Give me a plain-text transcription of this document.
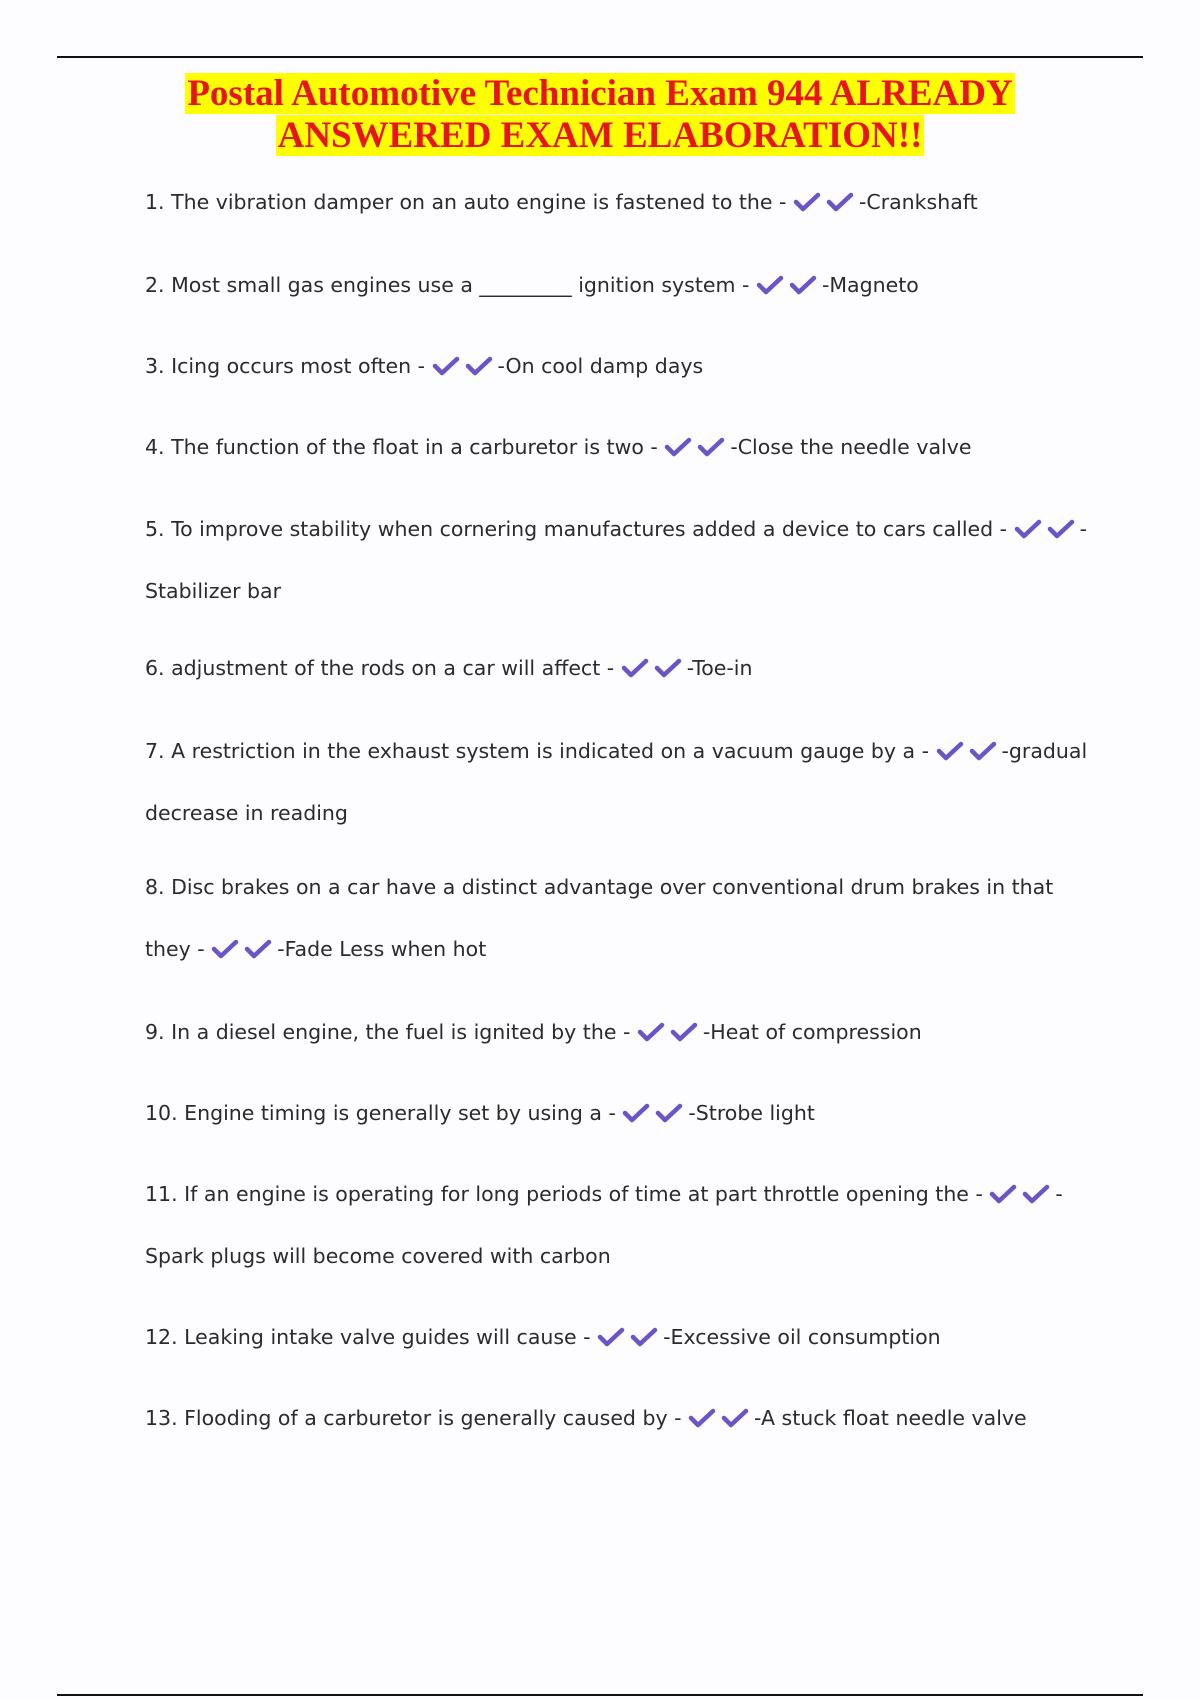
Postal Automotive Technician Exam 944 ALREADY
ANSWERED EXAM ELABORATION!!
1. The vibration damper on an auto engine is fastened to the -	-Crankshaft
2. Most small gas engines use a _________ ignition system -	-Magneto
3. Icing occurs most often -	-On cool damp days
4. The function of the float in a carburetor is two -	-Close the needle valve
5. To improve stability when cornering manufactures added a device to cars called -	-
Stabilizer bar
6. adjustment of the rods on a car will affect -	-Toe-in
7. A restriction in the exhaust system is indicated on a vacuum gauge by a -	-gradual
decrease in reading
8. Disc brakes on a car have a distinct advantage over conventional drum brakes in that
they -	-Fade Less when hot
9. In a diesel engine, the fuel is ignited by the -	-Heat of compression
10. Engine timing is generally set by using a -	-Strobe light
11. If an engine is operating for long periods of time at part throttle opening the -	-
Spark plugs will become covered with carbon
12. Leaking intake valve guides will cause -	-Excessive oil consumption
13. Flooding of a carburetor is generally caused by -	-A stuck float needle valve
